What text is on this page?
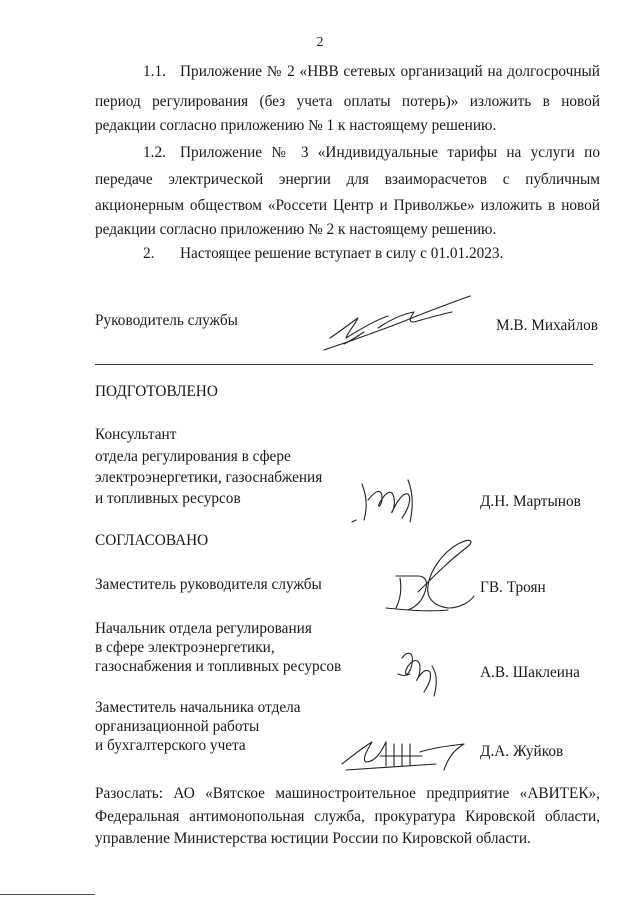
2
1.1. Приложение № 2 «НВВ сетевых организаций на долгосрочный
период регулирования (без учета оплаты потерь)» изложить в новой
редакции согласно приложению № 1 к настоящему решению.
1.2. Приложение № 3 «Индивидуальные тарифы на услуги по
передаче электрической энергии для взаиморасчетов с публичным
акционерным обществом «Россети Центр и Приволжье» изложить в новой
редакции согласно приложению № 2 к настоящему решению.
2. Настоящее решение вступает в силу с 01.01.2023.
Руководитель службы	М.В. Михайлов
ПОДГОТОВЛЕНО
Консультант
отдела регулирования в сфере
электроэнергетики, газоснабжения
и топливных ресурсов	Д.Н. Мартынов
СОГЛАСОВАНО
Заместитель руководителя службы	ГВ. Троян
Начальник отдела регулирования
в сфере электроэнергетики,
газоснабжения и топливных ресурсов	А.В. Шаклеина
Заместитель начальника отдела
организационной работы
и бухгалтерского учета	Д.А. Жуйков
Разослать: АО «Вятское машиностроительное предприятие «АВИТЕК»,
Федеральная антимонопольная служба, прокуратура Кировской области,
управление Министерства юстиции России по Кировской области.
